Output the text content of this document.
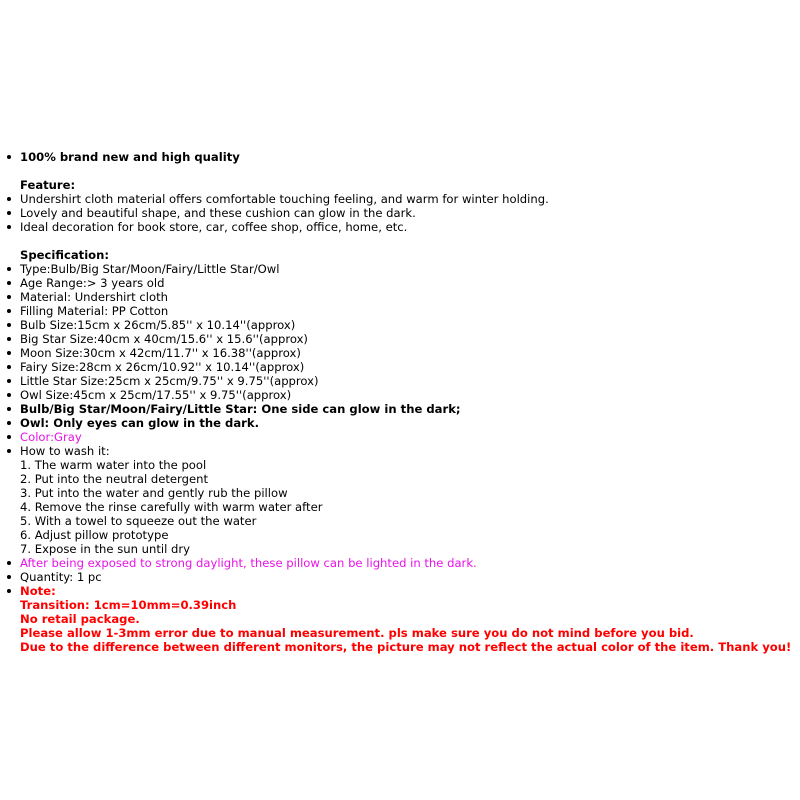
100% brand new and high quality
Feature:
Undershirt cloth material offers comfortable touching feeling, and warm for winter holding.
Lovely and beautiful shape, and these cushion can glow in the dark.
Ideal decoration for book store, car, coffee shop, office, home, etc.
Specification:
Type:Bulb/Big Star/Moon/Fairy/Little Star/Owl
Age Range:> 3 years old
Material: Undershirt cloth
Filling Material: PP Cotton
Bulb Size:15cm x 26cm/5.85'' x 10.14''(approx)
Big Star Size:40cm x 40cm/15.6'' x 15.6''(approx)
Moon Size:30cm x 42cm/11.7'' x 16.38''(approx)
Fairy Size:28cm x 26cm/10.92'' x 10.14''(approx)
Little Star Size:25cm x 25cm/9.75'' x 9.75''(approx)
Owl Size:45cm x 25cm/17.55'' x 9.75''(approx)
Bulb/Big Star/Moon/Fairy/Little Star: One side can glow in the dark;
Owl: Only eyes can glow in the dark.
Color:Gray
How to wash it:
1. The warm water into the pool
2. Put into the neutral detergent
3. Put into the water and gently rub the pillow
4. Remove the rinse carefully with warm water after
5. With a towel to squeeze out the water
6. Adjust pillow prototype
7. Expose in the sun until dry
After being exposed to strong daylight, these pillow can be lighted in the dark.
Quantity: 1 pc
Note:
Transition: 1cm=10mm=0.39inch
No retail package.
Please allow 1-3mm error due to manual measurement. pls make sure you do not mind before you bid.
Due to the difference between different monitors, the picture may not reflect the actual color of the item. Thank you!
